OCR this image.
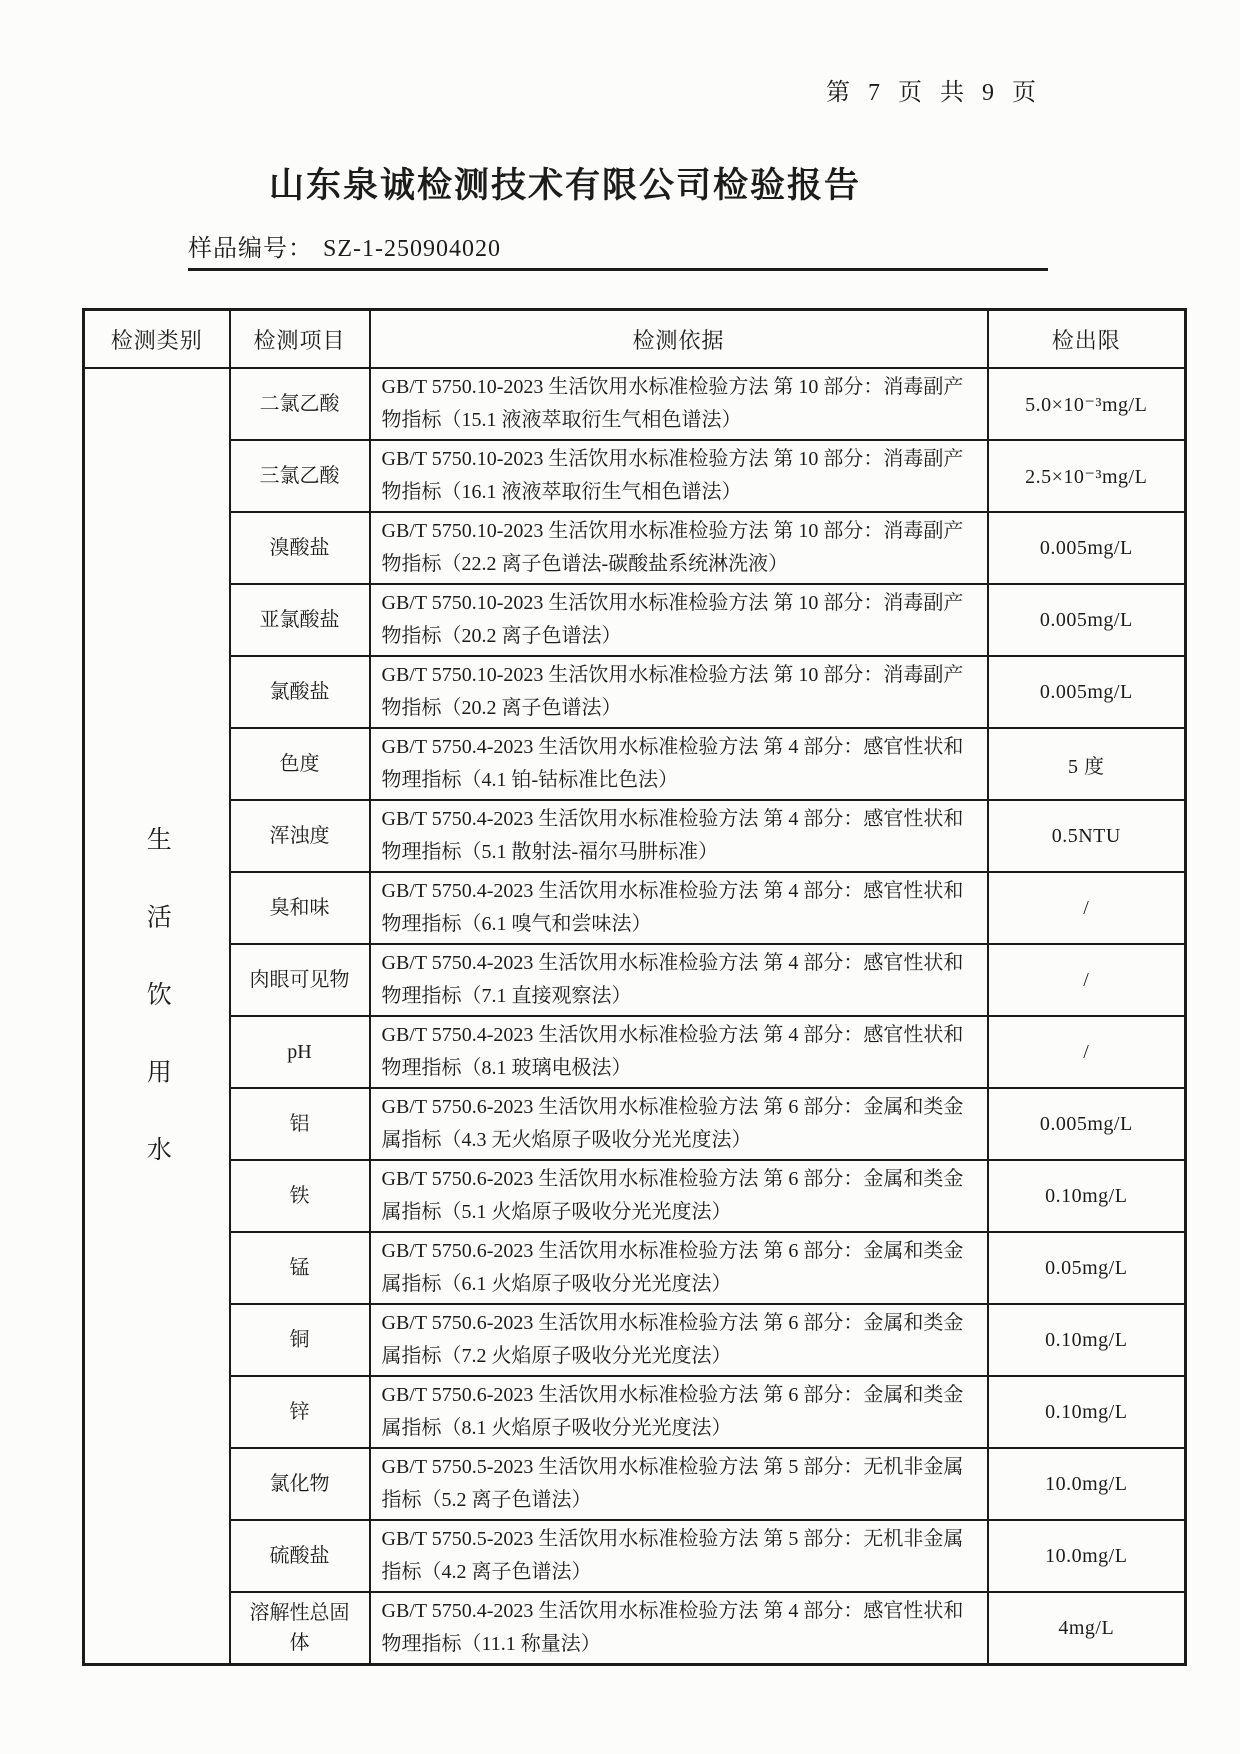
第 7 页 共 9 页
山东泉诚检测技术有限公司检验报告
样品编号： SZ-1-250904020
检测类别	检测项目	检测依据	检出限
生活饮用水	二氯乙酸	GB/T 5750.10-2023 生活饮用水标准检验方法 第 10 部分：消毒副产物指标（15.1 液液萃取衍生气相色谱法）	5.0×10⁻³mg/L
	三氯乙酸	GB/T 5750.10-2023 生活饮用水标准检验方法 第 10 部分：消毒副产物指标（16.1 液液萃取衍生气相色谱法）	2.5×10⁻³mg/L
	溴酸盐	GB/T 5750.10-2023 生活饮用水标准检验方法 第 10 部分：消毒副产物指标（22.2 离子色谱法-碳酸盐系统淋洗液）	0.005mg/L
	亚氯酸盐	GB/T 5750.10-2023 生活饮用水标准检验方法 第 10 部分：消毒副产物指标（20.2 离子色谱法）	0.005mg/L
	氯酸盐	GB/T 5750.10-2023 生活饮用水标准检验方法 第 10 部分：消毒副产物指标（20.2 离子色谱法）	0.005mg/L
	色度	GB/T 5750.4-2023 生活饮用水标准检验方法 第 4 部分：感官性状和物理指标（4.1 铂-钴标准比色法）	5 度
	浑浊度	GB/T 5750.4-2023 生活饮用水标准检验方法 第 4 部分：感官性状和物理指标（5.1 散射法-福尔马肼标准）	0.5NTU
	臭和味	GB/T 5750.4-2023 生活饮用水标准检验方法 第 4 部分：感官性状和物理指标（6.1 嗅气和尝味法）	/
	肉眼可见物	GB/T 5750.4-2023 生活饮用水标准检验方法 第 4 部分：感官性状和物理指标（7.1 直接观察法）	/
	pH	GB/T 5750.4-2023 生活饮用水标准检验方法 第 4 部分：感官性状和物理指标（8.1 玻璃电极法）	/
	铝	GB/T 5750.6-2023 生活饮用水标准检验方法 第 6 部分：金属和类金属指标（4.3 无火焰原子吸收分光光度法）	0.005mg/L
	铁	GB/T 5750.6-2023 生活饮用水标准检验方法 第 6 部分：金属和类金属指标（5.1 火焰原子吸收分光光度法）	0.10mg/L
	锰	GB/T 5750.6-2023 生活饮用水标准检验方法 第 6 部分：金属和类金属指标（6.1 火焰原子吸收分光光度法）	0.05mg/L
	铜	GB/T 5750.6-2023 生活饮用水标准检验方法 第 6 部分：金属和类金属指标（7.2 火焰原子吸收分光光度法）	0.10mg/L
	锌	GB/T 5750.6-2023 生活饮用水标准检验方法 第 6 部分：金属和类金属指标（8.1 火焰原子吸收分光光度法）	0.10mg/L
	氯化物	GB/T 5750.5-2023 生活饮用水标准检验方法 第 5 部分：无机非金属指标（5.2 离子色谱法）	10.0mg/L
	硫酸盐	GB/T 5750.5-2023 生活饮用水标准检验方法 第 5 部分：无机非金属指标（4.2 离子色谱法）	10.0mg/L
	溶解性总固体	GB/T 5750.4-2023 生活饮用水标准检验方法 第 4 部分：感官性状和物理指标（11.1 称量法）	4mg/L
